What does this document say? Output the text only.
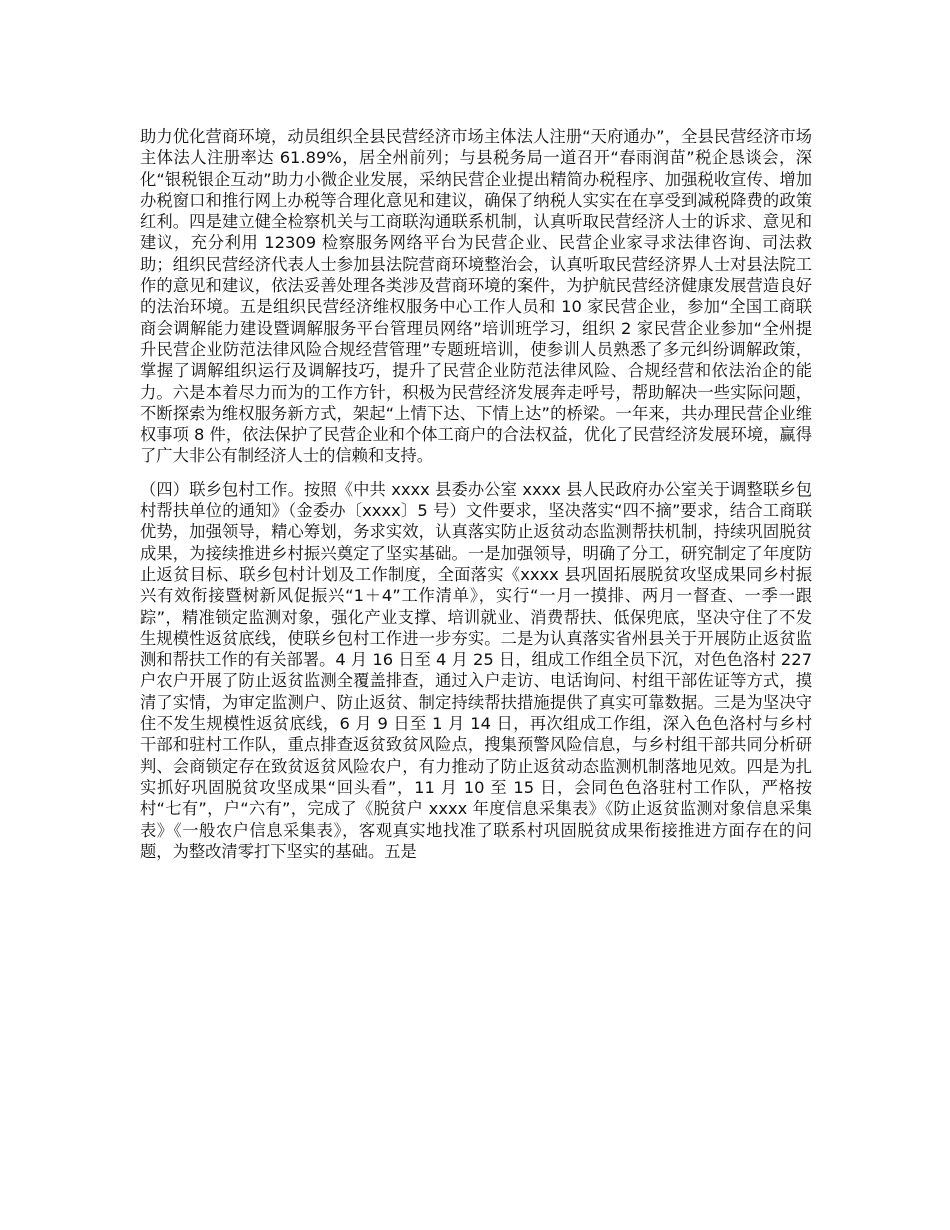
助力优化营商环境，动员组织全县民营经济市场主体法人注册“天府通办”，全县民营经济市场主体法人注册率达 61.89%，居全州前列；与县税务局一道召开“春雨润苗”税企恳谈会，深化“银税银企互动”助力小微企业发展，采纳民营企业提出精简办税程序、加强税收宣传、增加办税窗口和推行网上办税等合理化意见和建议，确保了纳税人实实在在享受到减税降费的政策红利。四是建立健全检察机关与工商联沟通联系机制，认真听取民营经济人士的诉求、意见和建议，充分利用 12309 检察服务网络平台为民营企业、民营企业家寻求法律咨询、司法救助；组织民营经济代表人士参加县法院营商环境整治会，认真听取民营经济界人士对县法院工作的意见和建议，依法妥善处理各类涉及营商环境的案件，为护航民营经济健康发展营造良好的法治环境。五是组织民营经济维权服务中心工作人员和 10 家民营企业，参加“全国工商联商会调解能力建设暨调解服务平台管理员网络”培训班学习，组织 2 家民营企业参加“全州提升民营企业防范法律风险合规经营管理”专题班培训，使参训人员熟悉了多元纠纷调解政策，掌握了调解组织运行及调解技巧，提升了民营企业防范法律风险、合规经营和依法治企的能力。六是本着尽力而为的工作方针，积极为民营经济发展奔走呼号，帮助解决一些实际问题，不断探索为维权服务新方式，架起“上情下达、下情上达”的桥梁。一年来，共办理民营企业维权事项 8 件，依法保护了民营企业和个体工商户的合法权益，优化了民营经济发展环境，赢得了广大非公有制经济人士的信赖和支持。

（四）联乡包村工作。按照《中共 xxxx 县委办公室 xxxx 县人民政府办公室关于调整联乡包村帮扶单位的通知》（金委办〔xxxx〕5 号）文件要求，坚决落实“四不摘”要求，结合工商联优势，加强领导，精心筹划，务求实效，认真落实防止返贫动态监测帮扶机制，持续巩固脱贫成果，为接续推进乡村振兴奠定了坚实基础。一是加强领导，明确了分工，研究制定了年度防止返贫目标、联乡包村计划及工作制度，全面落实《xxxx 县巩固拓展脱贫攻坚成果同乡村振兴有效衔接暨树新风促振兴“1＋4”工作清单》，实行“一月一摸排、两月一督查、一季一跟踪”，精准锁定监测对象，强化产业支撑、培训就业、消费帮扶、低保兜底，坚决守住了不发生规模性返贫底线，使联乡包村工作进一步夯实。二是为认真落实省州县关于开展防止返贫监测和帮扶工作的有关部署。4 月 16 日至 4 月 25 日，组成工作组全员下沉，对色色洛村 227 户农户开展了防止返贫监测全覆盖排查，通过入户走访、电话询问、村组干部佐证等方式，摸清了实情，为审定监测户、防止返贫、制定持续帮扶措施提供了真实可靠数据。三是为坚决守住不发生规模性返贫底线，6 月 9 日至 1 月 14 日，再次组成工作组，深入色色洛村与乡村干部和驻村工作队，重点排查返贫致贫风险点，搜集预警风险信息，与乡村组干部共同分析研判、会商锁定存在致贫返贫风险农户，有力推动了防止返贫动态监测机制落地见效。四是为扎实抓好巩固脱贫攻坚成果“回头看”，11 月 10 至 15 日，会同色色洛驻村工作队，严格按村“七有”，户“六有”，完成了《脱贫户 xxxx 年度信息采集表》《防止返贫监测对象信息采集表》《一般农户信息采集表》，客观真实地找准了联系村巩固脱贫成果衔接推进方面存在的问题，为整改清零打下坚实的基础。五是
